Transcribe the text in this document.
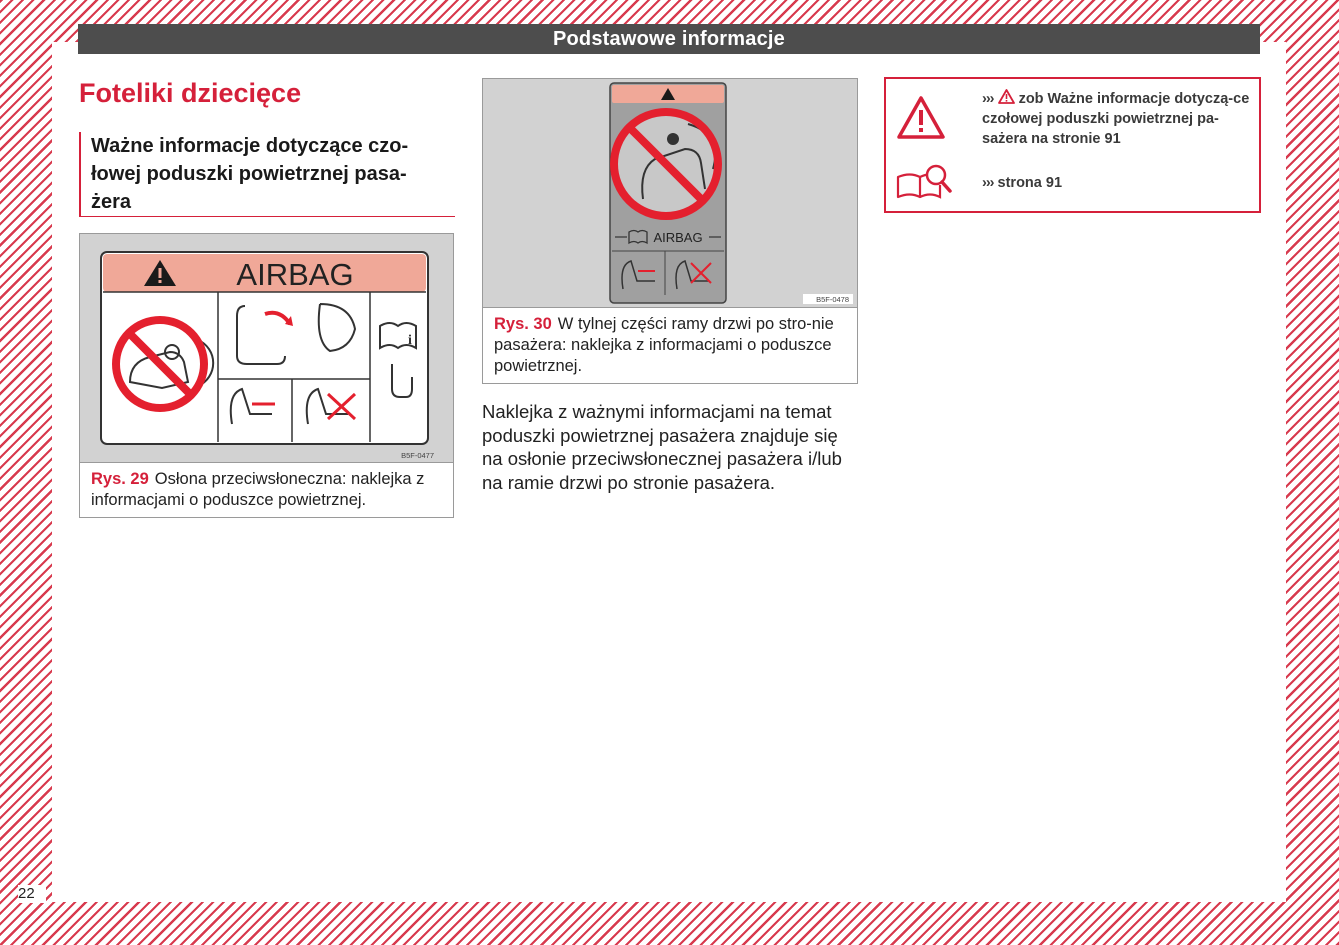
Podstawowe informacje
Foteliki dziecięce
Ważne informacje dotyczące czo-
łowej poduszki powietrznej pasa-
żera
AIRBAG
i
B5F-0477
Rys. 29 Osłona przeciwsłoneczna: naklejka z informacjami o poduszce powietrznej.
AIRBAG
B5F-0478
Rys. 30 W tylnej części ramy drzwi po stro-nie pasażera: naklejka z informacjami o poduszce powietrznej.

Naklejka z ważnymi informacjami na temat poduszki powietrznej pasażera znajduje się na osłonie przeciwsłonecznej pasażera i/lub na ramie drzwi po stronie pasażera.

››› zob Ważne informacje dotyczą-ce czołowej poduszki powietrznej pa-sażera na stronie 91
››› strona 91
22
